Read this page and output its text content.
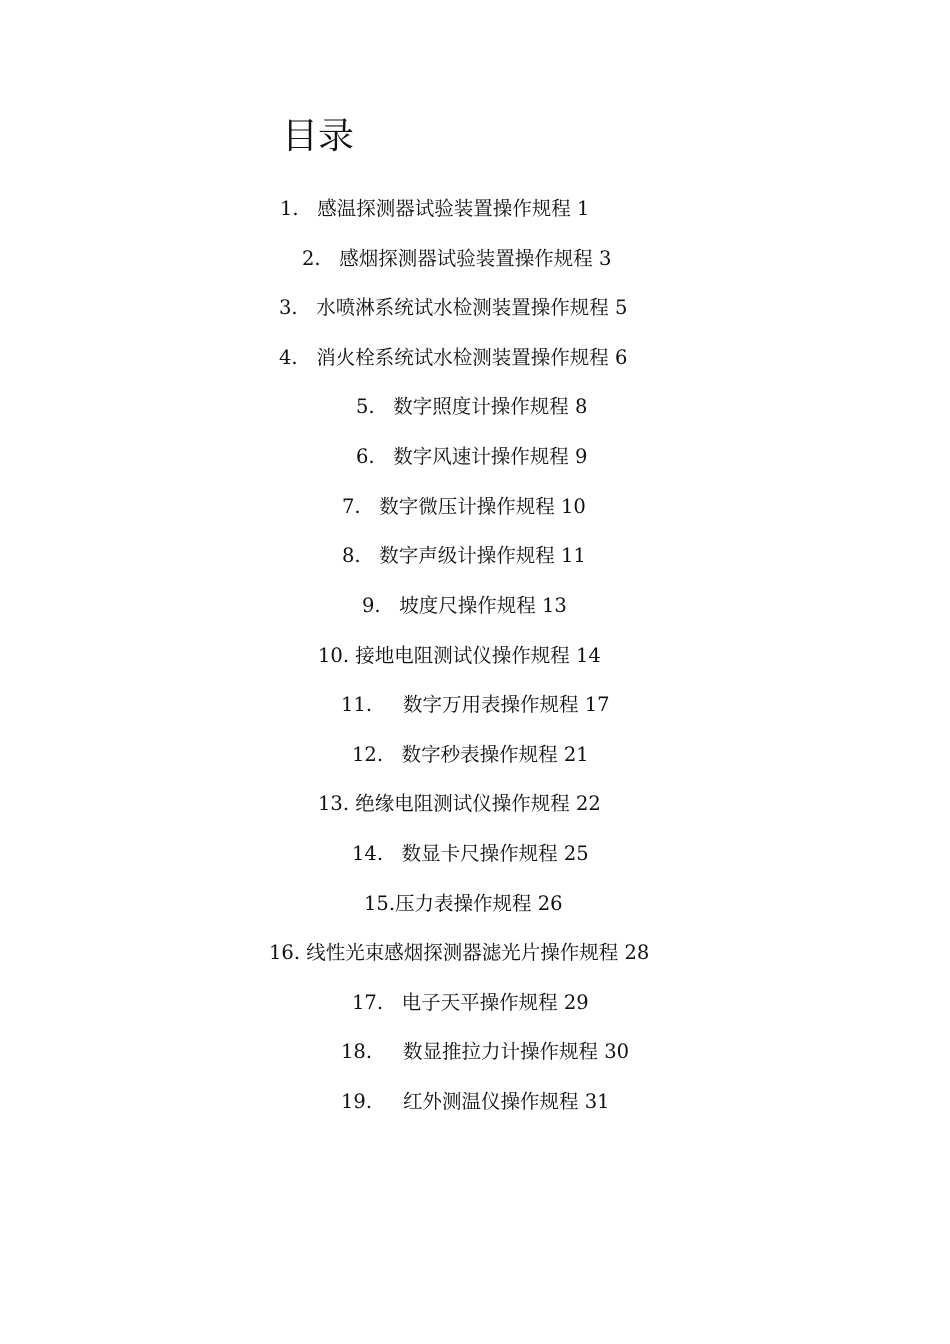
目录
1. 感温探测器试验装置操作规程 1
2. 感烟探测器试验装置操作规程 3
3. 水喷淋系统试水检测装置操作规程 5
4. 消火栓系统试水检测装置操作规程 6
5. 数字照度计操作规程 8
6. 数字风速计操作规程 9
7. 数字微压计操作规程 10
8. 数字声级计操作规程 11
9. 坡度尺操作规程 13
10. 接地电阻测试仪操作规程 14
11. 数字万用表操作规程 17
12. 数字秒表操作规程 21
13. 绝缘电阻测试仪操作规程 22
14. 数显卡尺操作规程 25
15.压力表操作规程 26
16. 线性光束感烟探测器滤光片操作规程 28
17. 电子天平操作规程 29
18. 数显推拉力计操作规程 30
19. 红外测温仪操作规程 31
